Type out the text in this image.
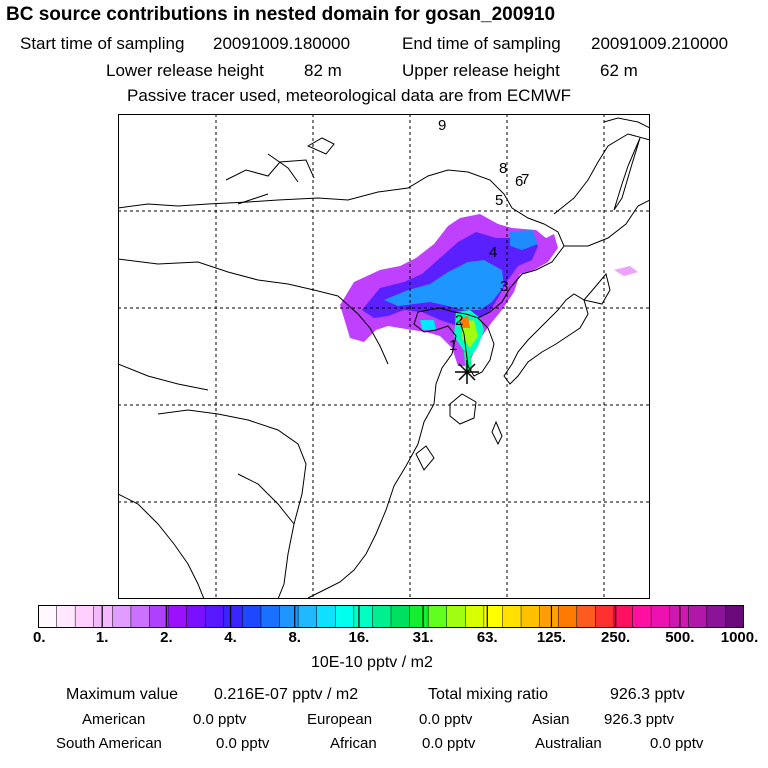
BC source contributions in nested domain for gosan_200910
Start time of sampling 20091009.180000	End time of sampling 20091009.210000
Lower release height 82 m	Upper release height 62 m
Passive tracer used, meteorological data are from ECMWF
1
2
3
4
5
6
7
8
9
0.	1.	2.	4.	8.	16.	31.	63.	125. 250. 500. 1000.
10E-10 pptv / m2
Maximum value 0.216E-07 pptv / m2	Total mixing ratio	926.3 pptv
American	0.0 pptv	European	0.0 pptv	Asian 926.3 pptv
South American	0.0 pptv	African	0.0 pptv	Australian	0.0 pptv
